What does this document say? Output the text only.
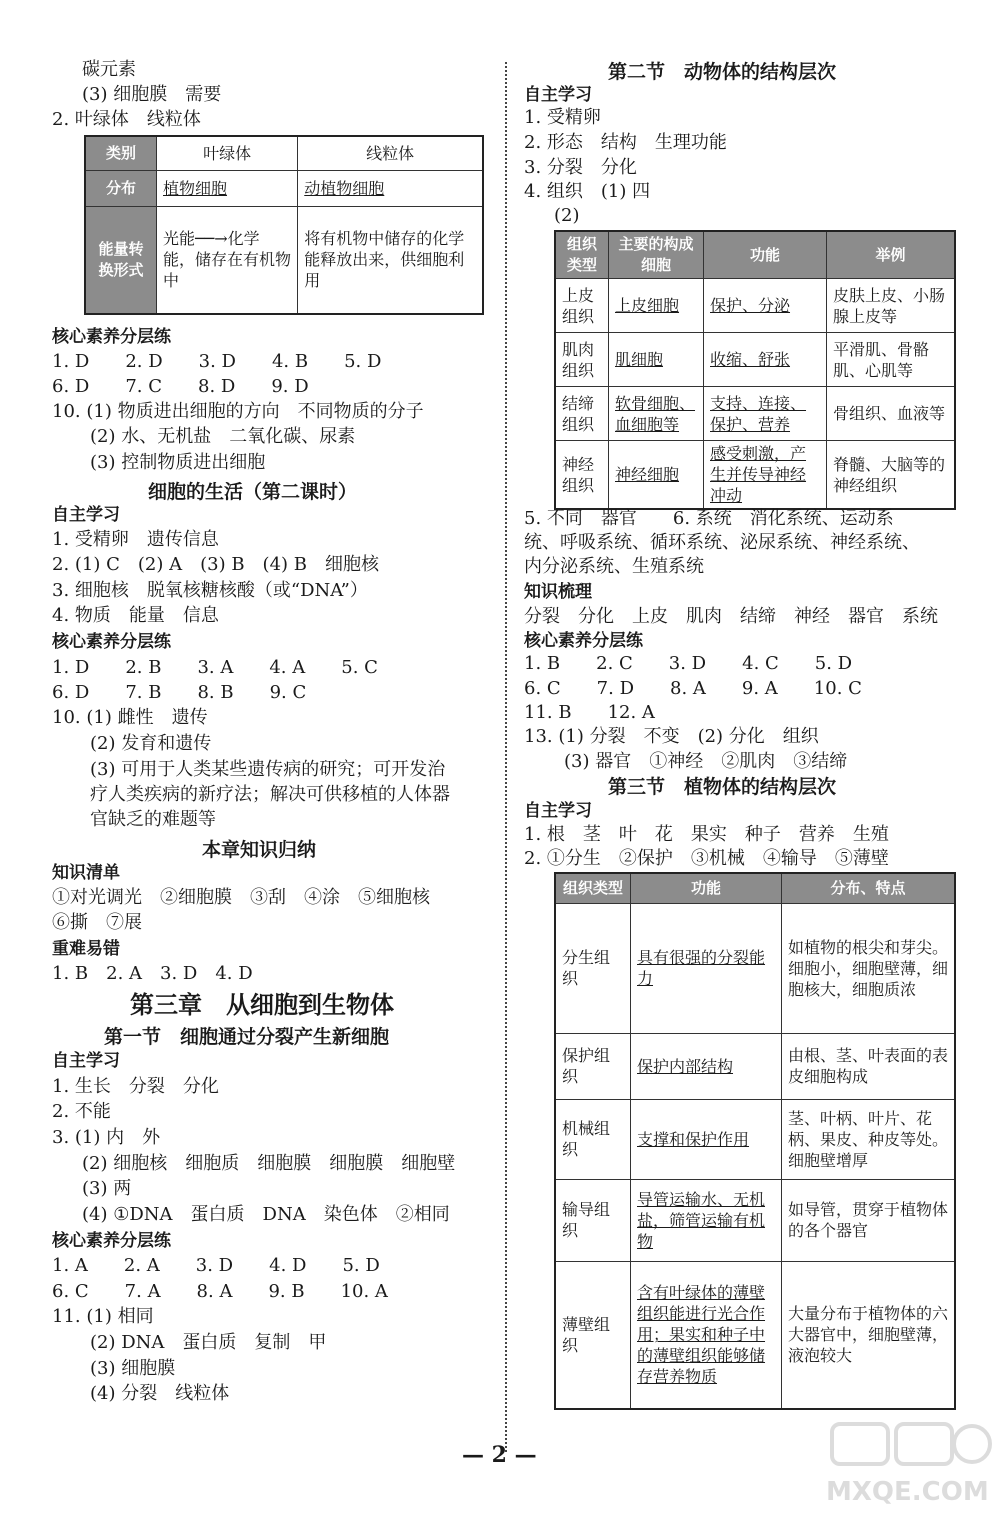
碳元素
(3) 细胞膜　需要
2. 叶绿体　线粒体
类别	叶绿体	线粒体
分布	植物细胞	动植物细胞
能量转换形式	光能──→化学能，储存在有机物中	将有机物中储存的化学能释放出来，供细胞利用
核心素养分层练
1. D　　2. D　　3. D　　4. B　　5. D
6. D　　7. C　　8. D　　9. D
10. (1) 物质进出细胞的方向　不同物质的分子
(2) 水、无机盐　二氧化碳、尿素
(3) 控制物质进出细胞
细胞的生活（第二课时）
自主学习
1. 受精卵　遗传信息
2. (1) C　(2) A　(3) B　(4) B　细胞核
3. 细胞核　脱氧核糖核酸（或“DNA”）
4. 物质　能量　信息
核心素养分层练
1. D　　2. B　　3. A　　4. A　　5. C
6. D　　7. B　　8. B　　9. C
10. (1) 雌性　遗传
(2) 发育和遗传
(3) 可用于人类某些遗传病的研究；可开发治
疗人类疾病的新疗法；解决可供移植的人体器
官缺乏的难题等
本章知识归纳
知识清单
①对光调光　②细胞膜　③刮　④涂　⑤细胞核
⑥撕　⑦展
重难易错
1. B　2. A　3. D　4. D
第三章　从细胞到生物体
第一节　细胞通过分裂产生新细胞
自主学习
1. 生长　分裂　分化
2. 不能
3. (1) 内　外
(2) 细胞核　细胞质　细胞膜　细胞膜　细胞壁
(3) 两
(4) ①DNA　蛋白质　DNA　染色体　②相同
核心素养分层练
1. A　　2. A　　3. D　　4. D　　5. D
6. C　　7. A　　8. A　　9. B　　10. A
11. (1) 相同
(2) DNA　蛋白质　复制　甲
(3) 细胞膜
(4) 分裂　线粒体
第二节　动物体的结构层次
自主学习
1. 受精卵
2. 形态　结构　生理功能
3. 分裂　分化
4. 组织　(1) 四
(2)
组织类型	主要的构成细胞	功能	举例
上皮组织	上皮细胞	保护、分泌	皮肤上皮、小肠腺上皮等
肌肉组织	肌细胞	收缩、舒张	平滑肌、骨骼肌、心肌等
结缔组织	软骨细胞、血细胞等	支持、连接、保护、营养	骨组织、血液等
神经组织	神经细胞	感受刺激，产生并传导神经冲动	脊髓、大脑等的神经组织
5. 不同　器官　　6. 系统　消化系统、运动系
统、呼吸系统、循环系统、泌尿系统、神经系统、
内分泌系统、生殖系统
知识梳理
分裂　分化　上皮　肌肉　结缔　神经　器官　系统
核心素养分层练
1. B　　2. C　　3. D　　4. C　　5. D
6. C　　7. D　　8. A　　9. A　　10. C
11. B　　12. A
13. (1) 分裂　不变　(2) 分化　组织
(3) 器官　①神经　②肌肉　③结缔
第三节　植物体的结构层次
自主学习
1. 根　茎　叶　花　果实　种子　营养　生殖
2. ①分生　②保护　③机械　④输导　⑤薄壁
组织类型	功能	分布、特点
分生组织	具有很强的分裂能力	如植物的根尖和芽尖。细胞小，细胞壁薄，细胞核大，细胞质浓
保护组织	保护内部结构	由根、茎、叶表面的表皮细胞构成
机械组织	支撑和保护作用	茎、叶柄、叶片、花柄、果皮、种皮等处。细胞壁增厚
输导组织	导管运输水、无机盐，筛管运输有机物	如导管，贯穿于植物体的各个器官
薄壁组织	含有叶绿体的薄壁组织能进行光合作用；果实和种子中的薄壁组织能够储存营养物质	大量分布于植物体的六大器官中，细胞壁薄，液泡较大
— 2 —
MXQE.COM
